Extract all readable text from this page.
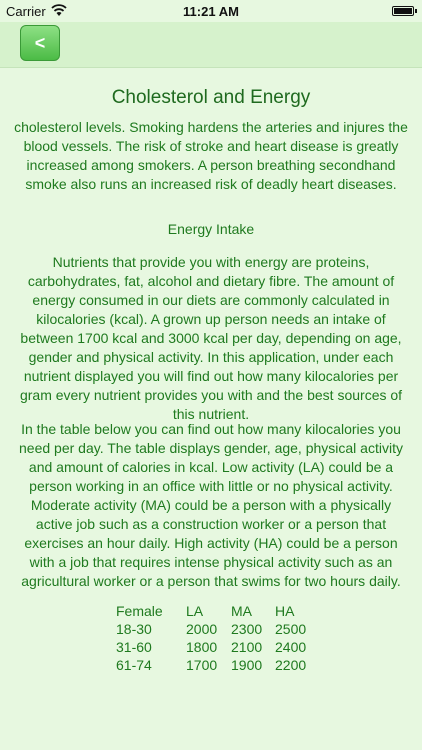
Carrier	11:21 AM
<
Cholesterol and Energy

cholesterol levels. Smoking hardens the arteries and injures the blood vessels. The risk of stroke and heart disease is greatly increased among smokers. A person breathing secondhand smoke also runs an increased risk of deadly heart diseases.

Energy Intake

Nutrients that provide you with energy are proteins, carbohydrates, fat, alcohol and dietary fibre. The amount of energy consumed in our diets are commonly calculated in kilocalories (kcal). A grown up person needs an intake of between 1700 kcal and 3000 kcal per day, depending on age, gender and physical activity. In this application, under each nutrient displayed you will find out how many kilocalories per gram every nutrient provides you with and the best sources of this nutrient.

In the table below you can find out how many kilocalories you need per day. The table displays gender, age, physical activity and amount of calories in kcal. Low activity (LA) could be a person working in an office with little or no physical activity. Moderate activity (MA) could be a person with a physically active job such as a construction worker or a person that exercises an hour daily. High activity (HA) could be a person with a job that requires intense physical activity such as an agricultural worker or a person that swims for two hours daily.

Female	LA	MA	HA
18-30	2000 2300 2500
31-60	1800 2100 2400
61-74	1700 1900 2200
